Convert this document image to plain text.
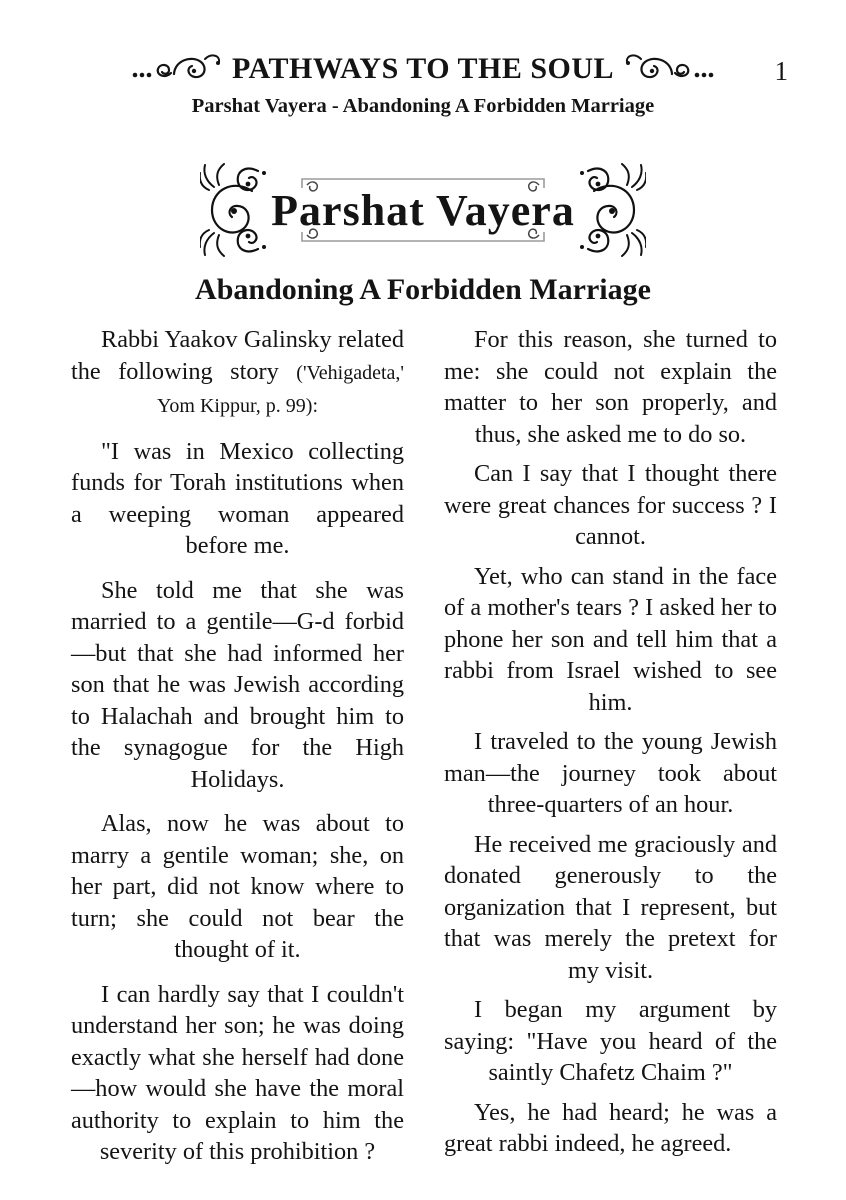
PATHWAYS TO THE SOUL	1
Parshat Vayera - Abandoning A Forbidden Marriage
Parshat Vayera
Abandoning A Forbidden Marriage

Rabbi Yaakov Galinsky related the following story ('Vehigadeta,' Yom Kippur, p. 99):

"I was in Mexico collecting funds for Torah institutions when a weeping woman appeared before me.

She told me that she was married to a gentile—G-d forbid—but that she had informed her son that he was Jewish according to Halachah and brought him to the synagogue for the High Holidays.

Alas, now he was about to marry a gentile woman; she, on her part, did not know where to turn; she could not bear the thought of it.

I can hardly say that I couldn't understand her son; he was doing exactly what she herself had done—how would she have the moral authority to explain to him the severity of this prohibition ?

For this reason, she turned to me: she could not explain the matter to her son properly, and thus, she asked me to do so.

Can I say that I thought there were great chances for success ? I cannot.

Yet, who can stand in the face of a mother's tears ? I asked her to phone her son and tell him that a rabbi from Israel wished to see him.

I traveled to the young Jewish man—the journey took about three-quarters of an hour.

He received me graciously and donated generously to the organization that I represent, but that was merely the pretext for my visit.

I began my argument by saying: "Have you heard of the saintly Chafetz Chaim ?"

Yes, he had heard; he was a great rabbi indeed, he agreed.
